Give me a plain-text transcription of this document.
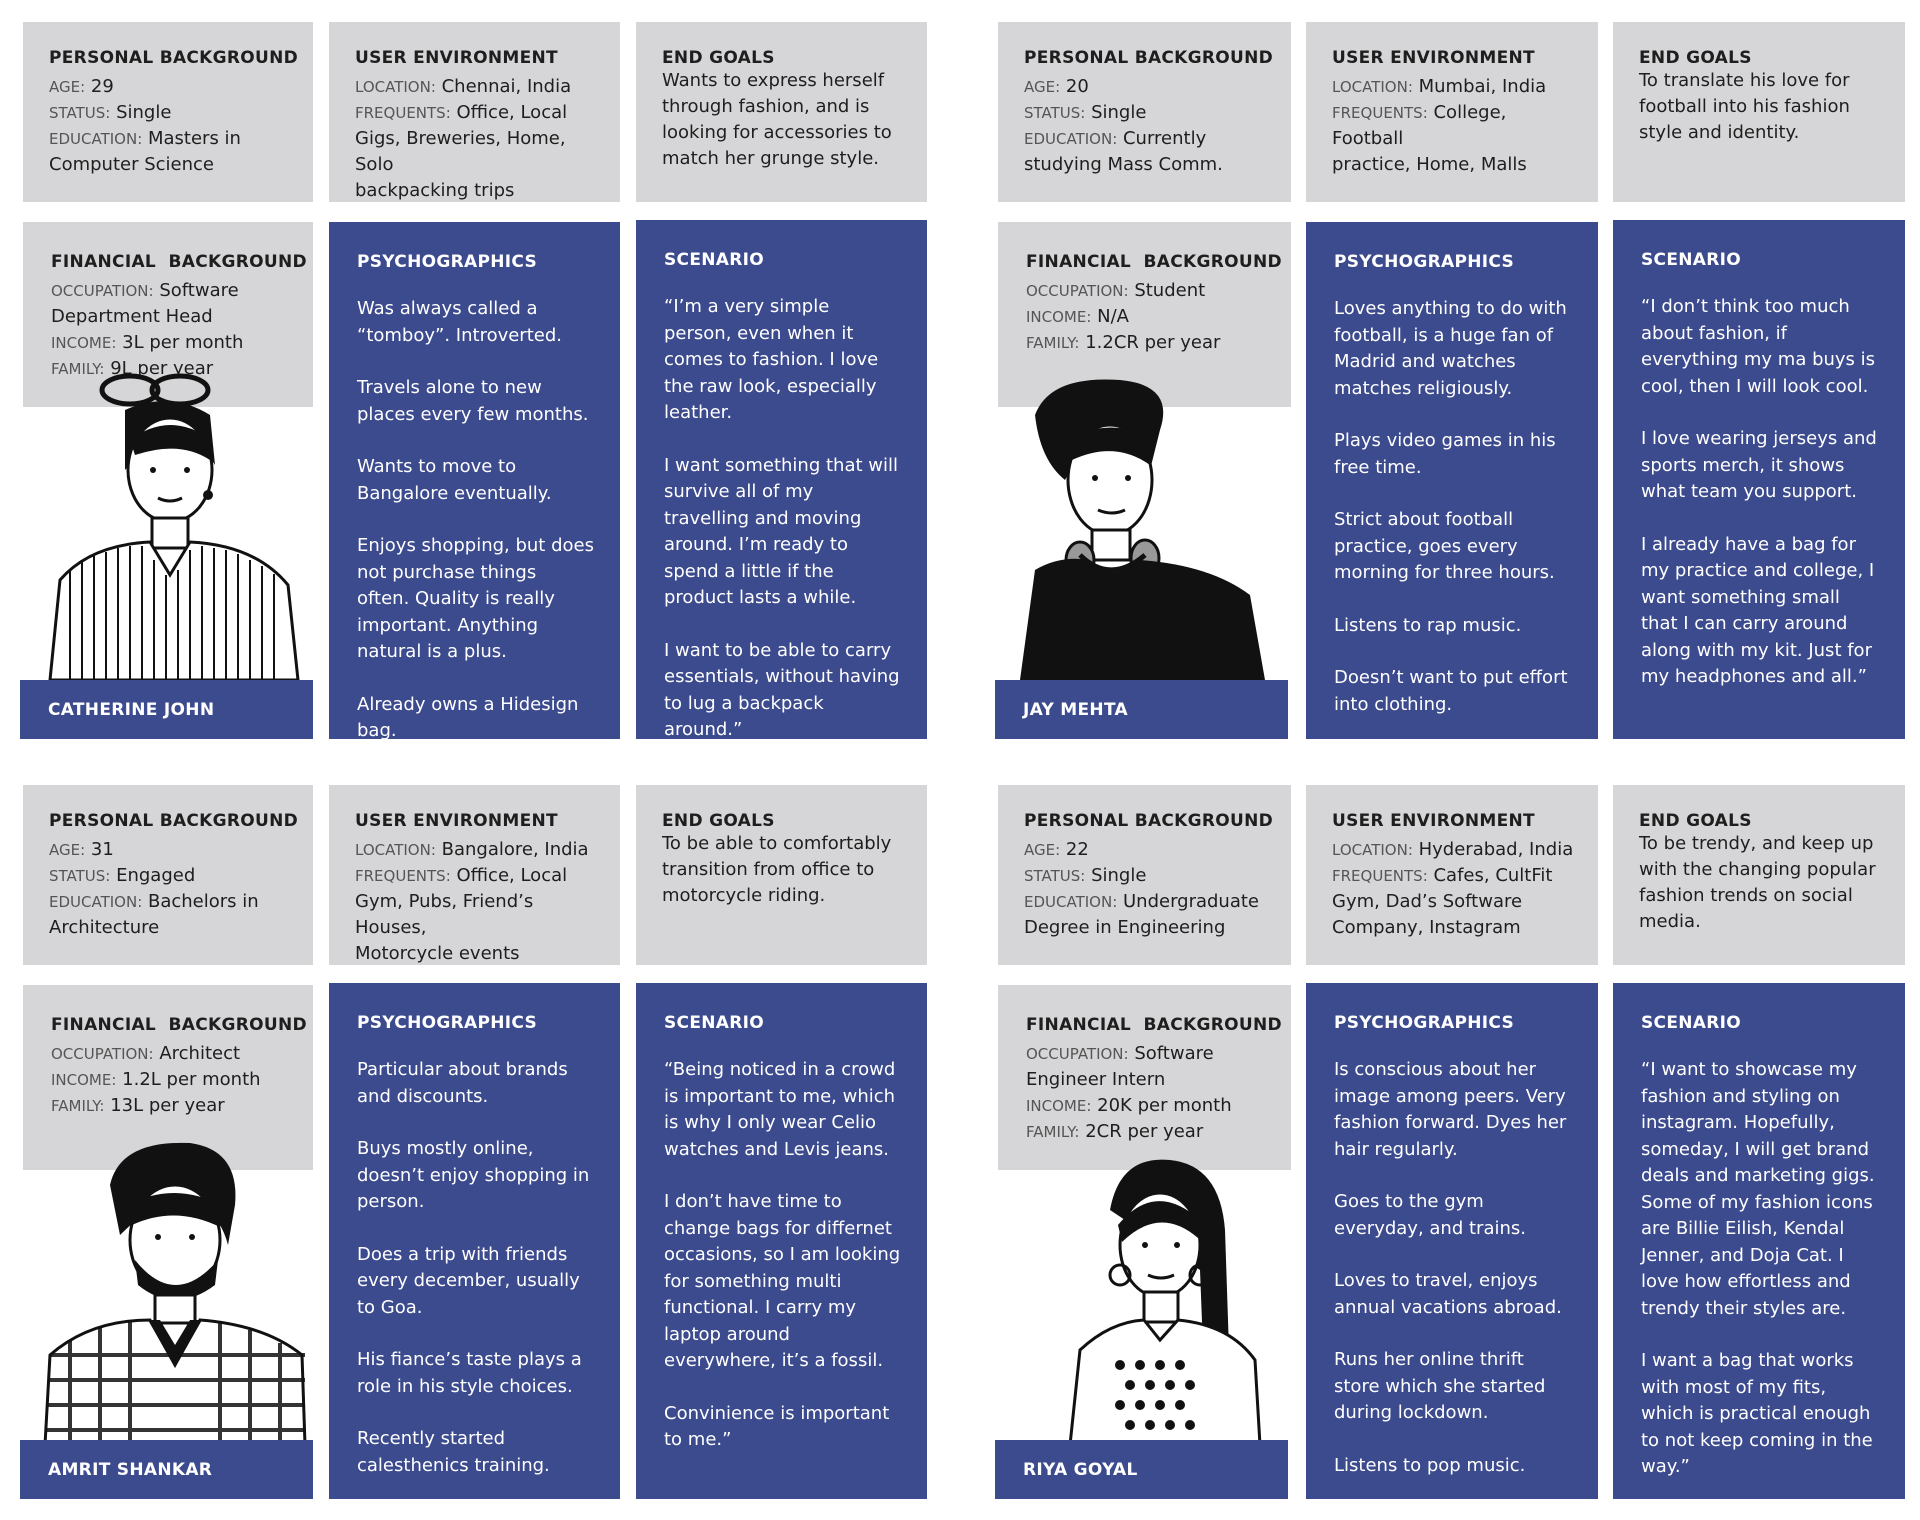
PERSONAL BACKGROUND
AGE: 29
STATUS: Single
EDUCATION: Masters in
Computer Science
USER ENVIRONMENT
LOCATION: Chennai, India
FREQUENTS: Office, Local
Gigs, Breweries, Home, Solo
backpacking trips
END GOALS
Wants to express herself
through fashion, and is
looking for accessories to
match her grunge style.
FINANCIAL  BACKGROUND
OCCUPATION: Software
Department Head
INCOME: 3L per month
FAMILY: 9L per year
CATHERINE JOHN
PSYCHOGRAPHICS

Was always called a “tomboy”. Introverted.

Travels alone to new places every few months.

Wants to move to Bangalore eventually.

Enjoys shopping, but does not purchase things often. Quality is really important. Anything natural is a plus.

Already owns a Hidesign bag.

SCENARIO

“I’m a very simple person, even when it comes to fashion. I love the raw look, especially leather.

I want something that will survive all of my travelling and moving around. I’m ready to spend a little if the product lasts a while.

I want to be able to carry essentials, without having to lug a backpack around.”

PERSONAL BACKGROUND
AGE: 20
STATUS: Single
EDUCATION: Currently
studying Mass Comm.
USER ENVIRONMENT
LOCATION: Mumbai, India
FREQUENTS: College, Football
practice, Home, Malls
END GOALS
To translate his love for
football into his fashion
style and identity.
FINANCIAL  BACKGROUND
OCCUPATION: Student
INCOME: N/A
FAMILY: 1.2CR per year
JAY MEHTA
PSYCHOGRAPHICS

Loves anything to do with football, is a huge fan of Madrid and watches matches religiously.

Plays video games in his free time.

Strict about football practice, goes every morning for three hours.

Listens to rap music.

Doesn’t want to put effort into clothing.

SCENARIO

“I don’t think too much about fashion, if everything my ma buys is cool, then I will look cool.

I love wearing jerseys and sports merch, it shows what team you support.

I already have a bag for my practice and college, I want something small that I can carry around along with my kit. Just for my headphones and all.”

PERSONAL BACKGROUND
AGE: 31
STATUS: Engaged
EDUCATION: Bachelors in
Architecture
USER ENVIRONMENT
LOCATION: Bangalore, India
FREQUENTS: Office, Local
Gym, Pubs, Friend’s Houses,
Motorcycle events
END GOALS
To be able to comfortably
transition from office to
motorcycle riding.
FINANCIAL  BACKGROUND
OCCUPATION: Architect
INCOME: 1.2L per month
FAMILY: 13L per year
AMRIT SHANKAR
PSYCHOGRAPHICS

Particular about brands and discounts.

Buys mostly online, doesn’t enjoy shopping in person.

Does a trip with friends every december, usually to Goa.

His fiance’s taste plays a role in his style choices.

Recently started calesthenics training.

SCENARIO

“Being noticed in a crowd is important to me, which is why I only wear Celio watches and Levis jeans.

I don’t have time to change bags for differnet occasions, so I am looking for something multi functional. I carry my laptop around everywhere, it’s a fossil.

Convinience is important to me.”

PERSONAL BACKGROUND
AGE: 22
STATUS: Single
EDUCATION: Undergraduate
Degree in Engineering
USER ENVIRONMENT
LOCATION: Hyderabad, India
FREQUENTS: Cafes, CultFit
Gym, Dad’s Software
Company, Instagram
END GOALS
To be trendy, and keep up
with the changing popular
fashion trends on social
media.
FINANCIAL  BACKGROUND
OCCUPATION: Software
Engineer Intern
INCOME: 20K per month
FAMILY: 2CR per year
RIYA GOYAL
PSYCHOGRAPHICS

Is conscious about her image among peers. Very fashion forward. Dyes her hair regularly.

Goes to the gym everyday, and trains.

Loves to travel, enjoys annual vacations abroad.

Runs her online thrift store which she started during lockdown.

Listens to pop music.

SCENARIO

“I want to showcase my fashion and styling on instagram. Hopefully, someday, I will get brand deals and marketing gigs. Some of my fashion icons are Billie Eilish, Kendal Jenner, and Doja Cat. I love how effortless and trendy their styles are.

I want a bag that works with most of my fits, which is practical enough to not keep coming in the way.”
